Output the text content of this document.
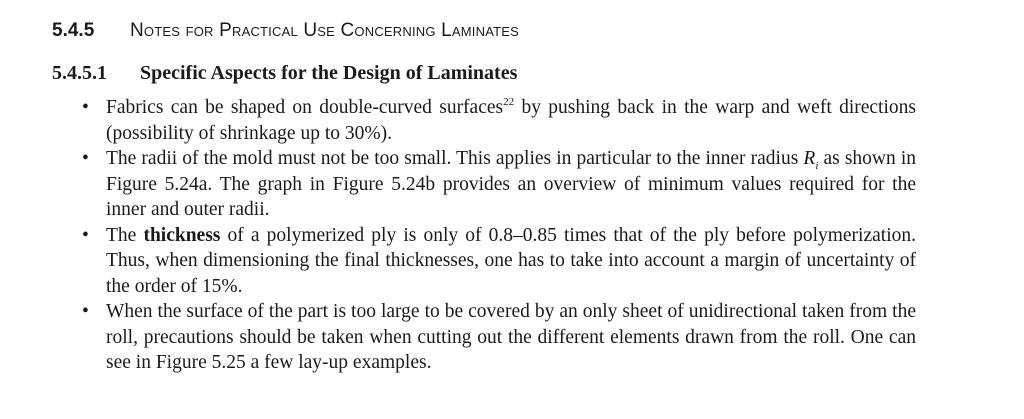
5.4.5 Notes for Practical Use Concerning Laminates
5.4.5.1 Specific Aspects for the Design of Laminates
• Fabrics can be shaped on double-curved surfaces$^{22}$ by pushing back in the warp and weft directions (possibility of shrinkage up to 30%).
• The radii of the mold must not be too small. This applies in particular to the inner radius $R_i$ as shown in Figure 5.24a. The graph in Figure 5.24b provides an overview of minimum values required for the inner and outer radii.
• The thickness of a polymerized ply is only of 0.8–0.85 times that of the ply before polymerization. Thus, when dimensioning the final thicknesses, one has to take into account a margin of uncertainty of the order of 15%.
• When the surface of the part is too large to be covered by an only sheet of unidirectional taken from the roll, precautions should be taken when cutting out the different elements drawn from the roll. One can see in Figure 5.25 a few lay-up examples.
